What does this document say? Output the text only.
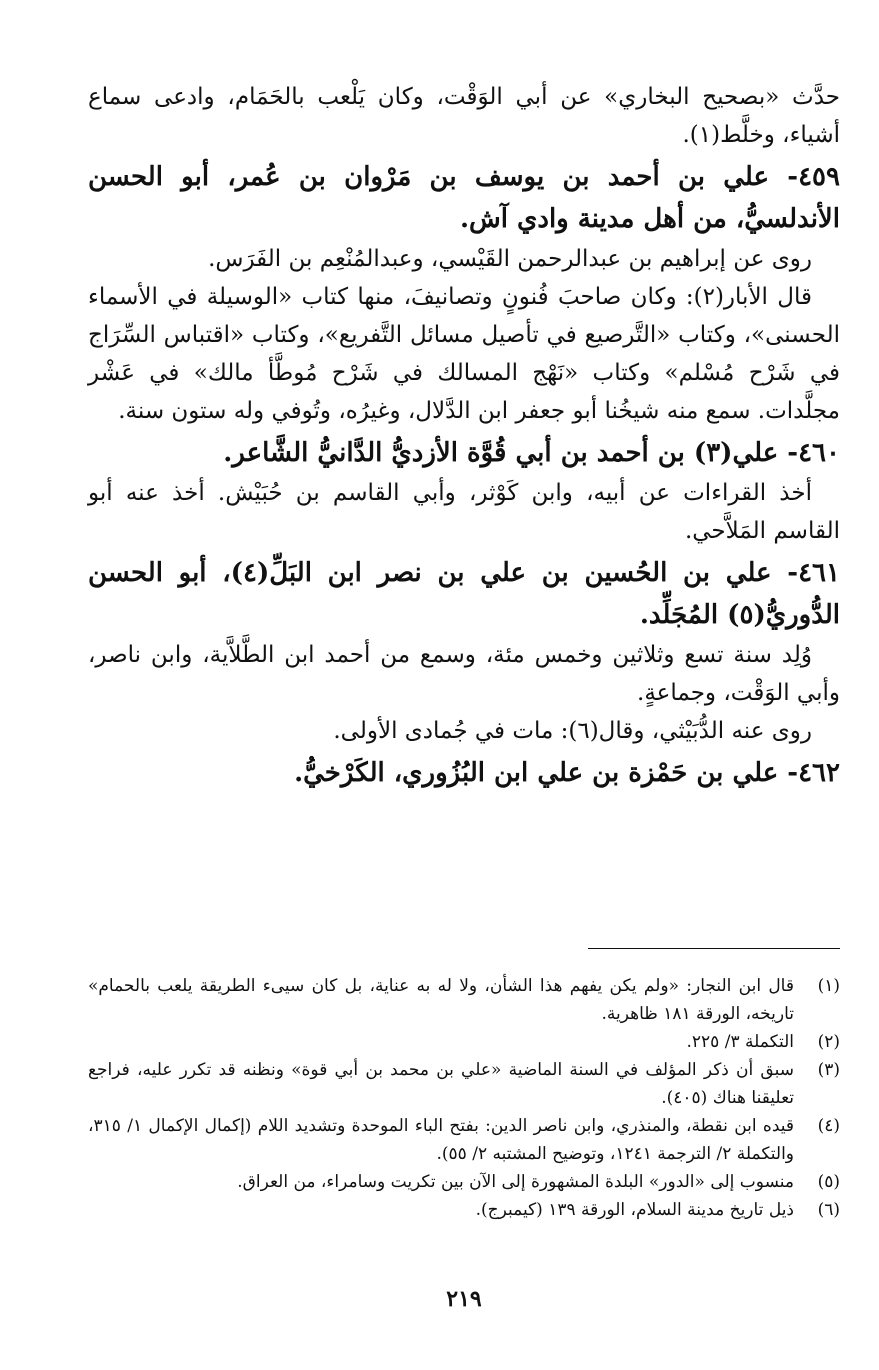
حدَّث «بصحيح البخاري» عن أبي الوَقْت، وكان يَلْعب بالحَمَام، وادعى سماع أشياء، وخلَّط(١).

٤٥٩- علي بن أحمد بن يوسف بن مَرْوان بن عُمر، أبو الحسن الأندلسيُّ، من أهل مدينة وادي آش.

روى عن إبراهيم بن عبدالرحمن القَيْسي، وعبدالمُنْعِم بن الفَرَس.

قال الأبار(٢): وكان صاحبَ فُنونٍ وتصانيفَ، منها كتاب «الوسيلة في الأسماء الحسنى»، وكتاب «التَّرصيع في تأصيل مسائل التَّفريع»، وكتاب «اقتباس السِّرَاج في شَرْح مُسْلم» وكتاب «نَهْج المسالك في شَرْح مُوطَّأ مالك» في عَشْر مجلَّدات. سمع منه شيخُنا أبو جعفر ابن الدَّلال، وغيرُه، وتُوفي وله ستون سنة.

٤٦٠- علي(٣) بن أحمد بن أبي قُوَّة الأزديُّ الدَّانيُّ الشَّاعر.

أخذ القراءات عن أبيه، وابن كَوْثر، وأبي القاسم بن حُبَيْش. أخذ عنه أبو القاسم المَلاَّحي.

٤٦١- علي بن الحُسين بن علي بن نصر ابن البَلِّ(٤)، أبو الحسن الدُّوريُّ(٥) المُجَلِّد.

وُلِد سنة تسع وثلاثين وخمس مئة، وسمع من أحمد ابن الطَّلاَّية، وابن ناصر، وأبي الوَقْت، وجماعةٍ.

روى عنه الدُّبَيْثي، وقال(٦): مات في جُمادى الأولى.

٤٦٢- علي بن حَمْزة بن علي ابن البُزُوري، الكَرْخيُّ.

(١)
قال ابن النجار: «ولم يكن يفهم هذا الشأن، ولا له به عناية، بل كان سيىء الطريقة يلعب بالحمام» تاريخه، الورقة ١٨١ ظاهرية.
(٢)
التكملة ٣/ ٢٢٥.
(٣)
سبق أن ذكر المؤلف في السنة الماضية «علي بن محمد بن أبي قوة» ونظنه قد تكرر عليه، فراجع تعليقنا هناك (٤٠٥).
(٤)
قيده ابن نقطة، والمنذري، وابن ناصر الدين: بفتح الباء الموحدة وتشديد اللام (إكمال الإكمال ١/ ٣١٥، والتكملة ٢/ الترجمة ١٢٤١، وتوضيح المشتبه ٢/ ٥٥).
(٥)
منسوب إلى «الدور» البلدة المشهورة إلى الآن بين تكريت وسامراء، من العراق.
(٦)
ذيل تاريخ مدينة السلام، الورقة ١٣٩ (كيمبرج).
٢١٩
